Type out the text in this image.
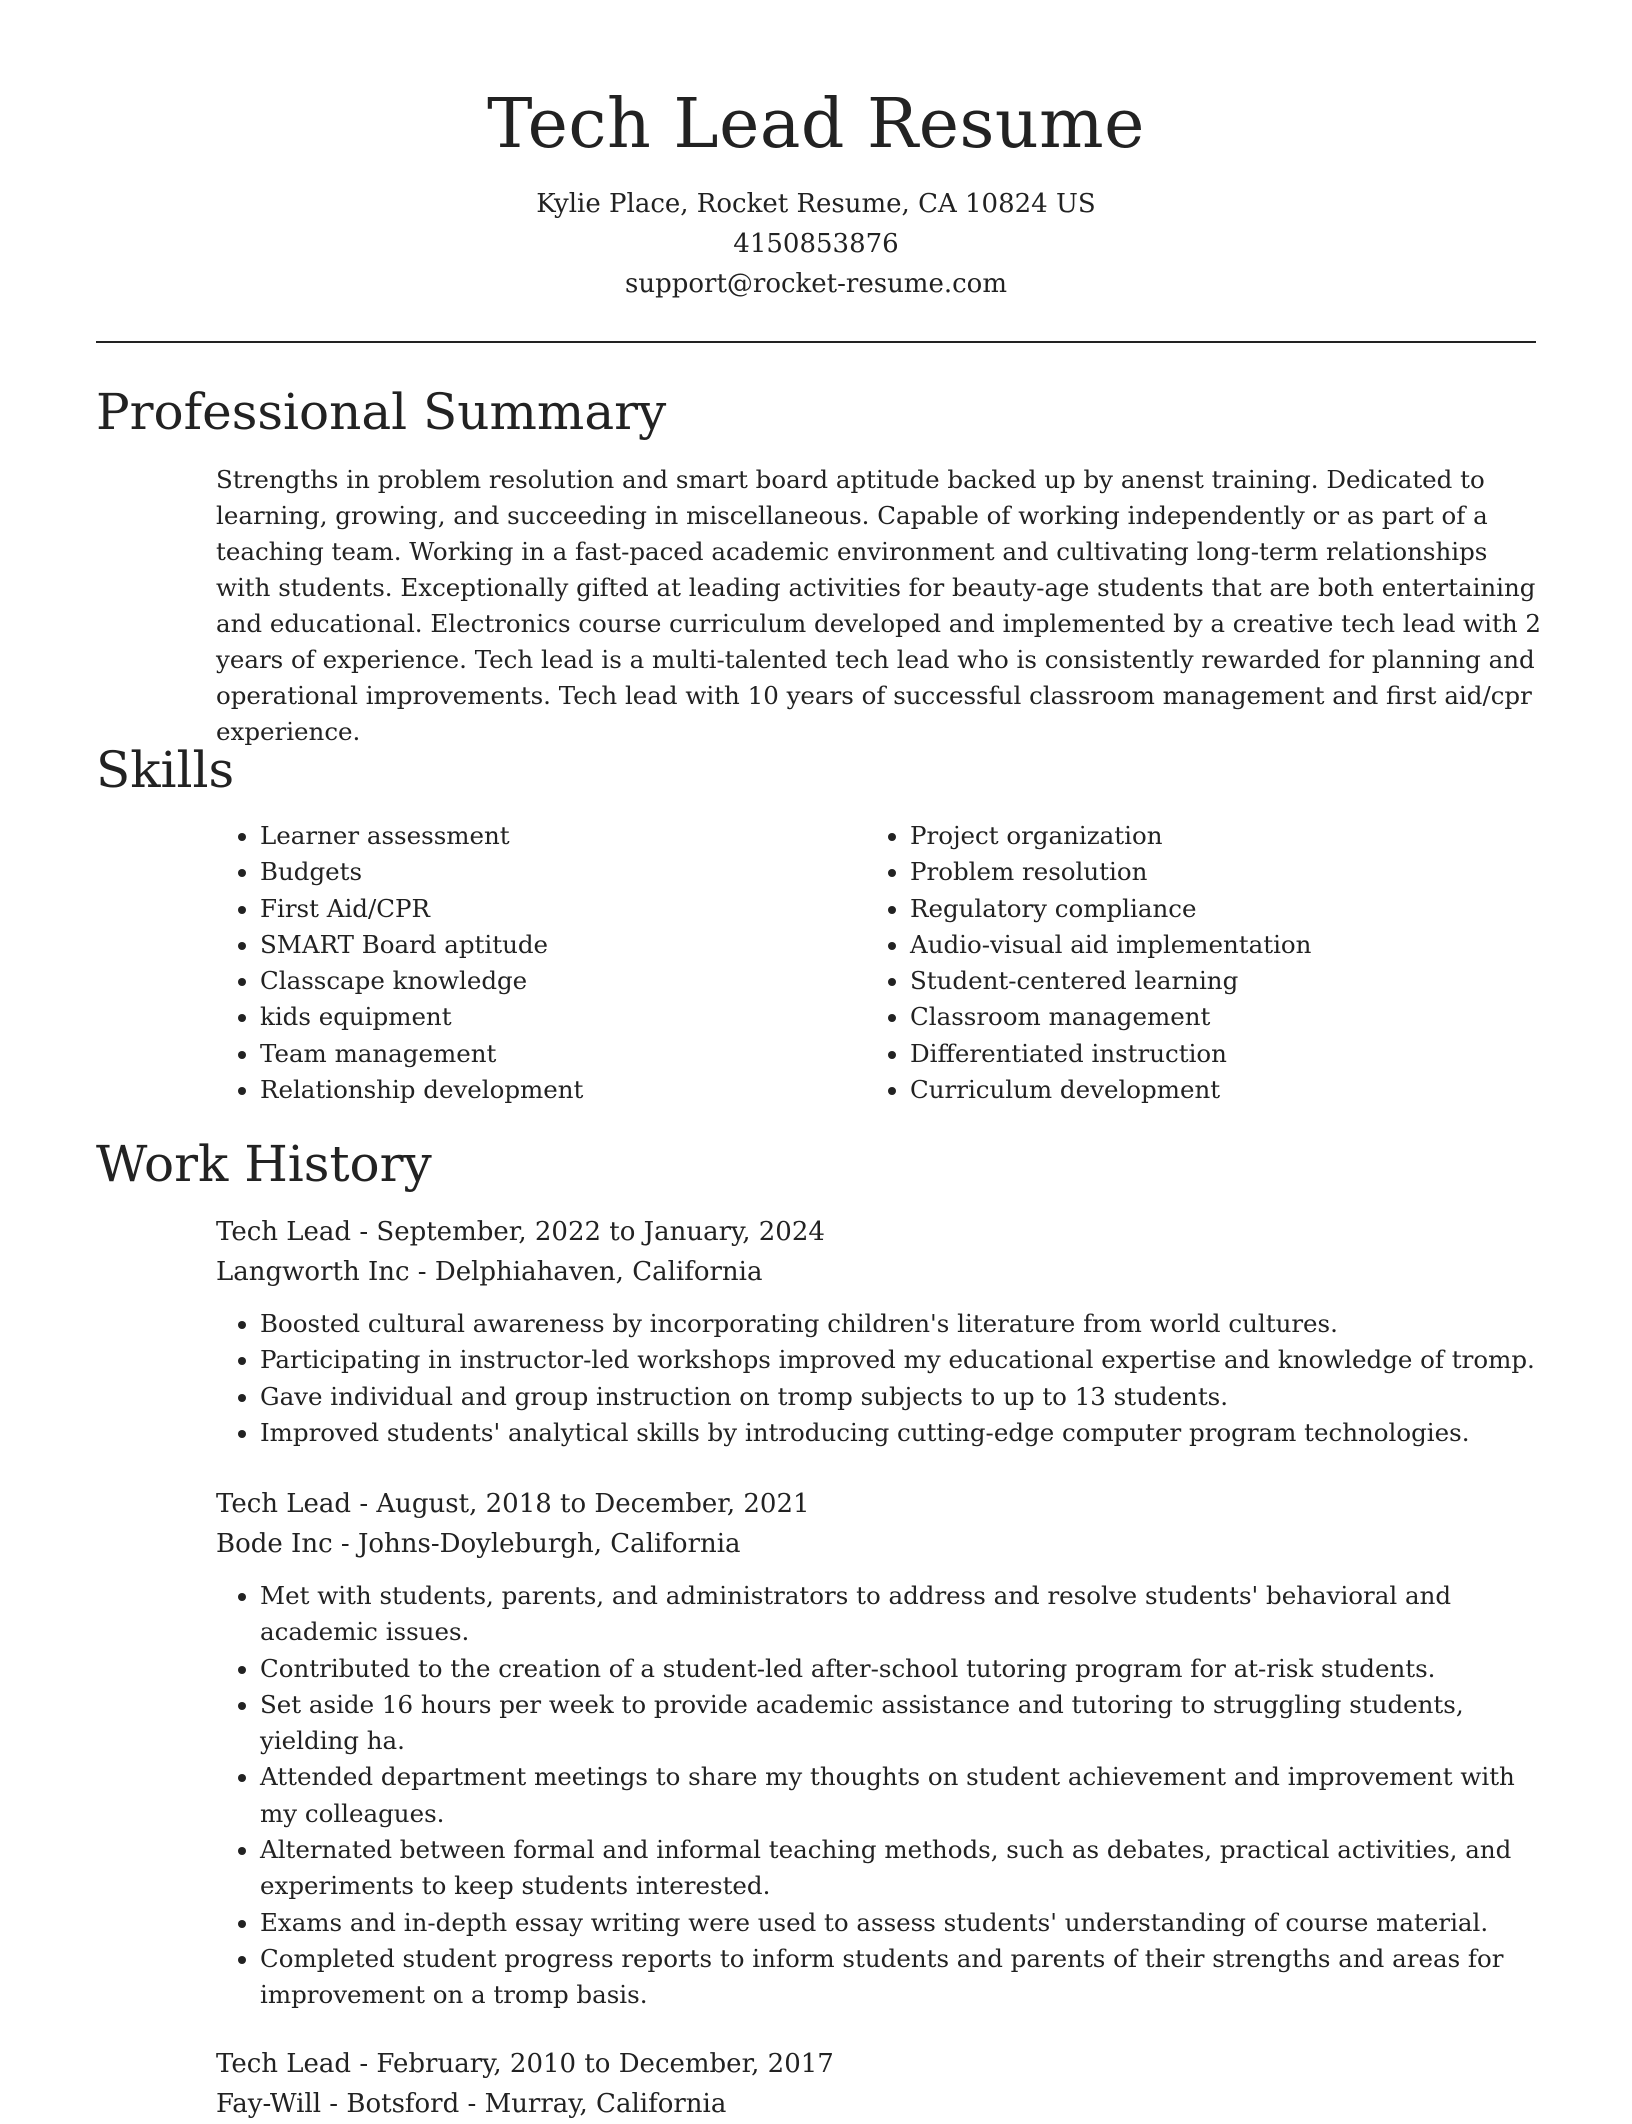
Tech Lead Resume
Kylie Place, Rocket Resume, CA 10824 US
4150853876
support@rocket-resume.com
Professional Summary

Strengths in problem resolution and smart board aptitude backed up by anenst training. Dedicated to learning, growing, and succeeding in miscellaneous. Capable of working independently or as part of a teaching team. Working in a fast-paced academic environment and cultivating long-term relationships with students. Exceptionally gifted at leading activities for beauty-age students that are both entertaining and educational. Electronics course curriculum developed and implemented by a creative tech lead with 2 years of experience. Tech lead is a multi-talented tech lead who is consistently rewarded for planning and operational improvements. Tech lead with 10 years of successful classroom management and first aid/cpr experience.

Skills
• Learner assessment
• Budgets
• First Aid/CPR
• SMART Board aptitude
• Classcape knowledge
• kids equipment
• Team management
• Relationship development
• Project organization
• Problem resolution
• Regulatory compliance
• Audio-visual aid implementation
• Student-centered learning
• Classroom management
• Differentiated instruction
• Curriculum development
Work History
Tech Lead - September, 2022 to January, 2024
Langworth Inc - Delphiahaven, California
• Boosted cultural awareness by incorporating children's literature from world cultures.
• Participating in instructor-led workshops improved my educational expertise and knowledge of tromp.
• Gave individual and group instruction on tromp subjects to up to 13 students.
• Improved students' analytical skills by introducing cutting-edge computer program technologies.
Tech Lead - August, 2018 to December, 2021
Bode Inc - Johns-Doyleburgh, California
• Met with students, parents, and administrators to address and resolve students' behavioral and academic issues.
• Contributed to the creation of a student-led after-school tutoring program for at-risk students.
• Set aside 16 hours per week to provide academic assistance and tutoring to struggling students, yielding ha.
• Attended department meetings to share my thoughts on student achievement and improvement with my colleagues.
• Alternated between formal and informal teaching methods, such as debates, practical activities, and experiments to keep students interested.
• Exams and in-depth essay writing were used to assess students' understanding of course material.
• Completed student progress reports to inform students and parents of their strengths and areas for improvement on a tromp basis.
Tech Lead - February, 2010 to December, 2017
Fay-Will - Botsford - Murray, California
